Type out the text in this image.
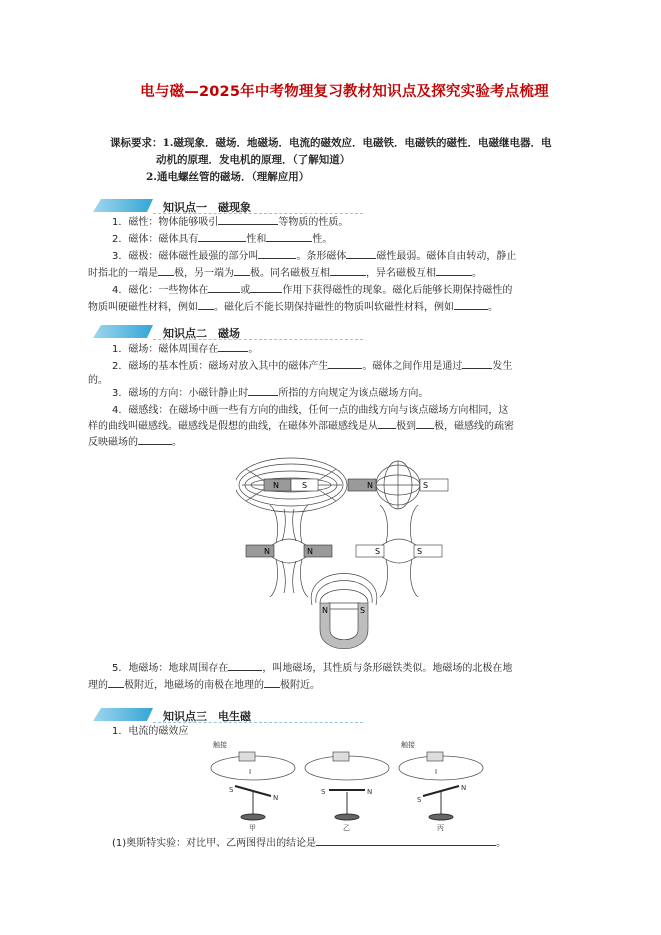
电与磁—2025年中考物理复习教材知识点及探究实验考点梳理
课标要求：1.磁现象．磁场．地磁场．电流的磁效应．电磁铁．电磁铁的磁性．电磁继电器．电
动机的原理．发电机的原理．（了解知道）
2.通电螺丝管的磁场．（理解应用）
知识点一　磁现象
1．磁性：物体能够吸引	等物质的性质。
2．磁体：磁体具有	性和	性。
3．磁极：磁体磁性最强的部分叫	。条形磁体	磁性最弱。磁体自由转动，静止
时指北的一端是 极，另一端为 极。同名磁极互相	，异名磁极互相	。
4．磁化：一些物体在	或	作用下获得磁性的现象。磁化后能够长期保持磁性的
物质叫硬磁性材料，例如 。磁化后不能长期保持磁性的物质叫软磁性材料，例如	。
知识点二　磁场
1．磁场：磁体周围存在	。
2．磁场的基本性质：磁场对放入其中的磁体产生	。磁体之间作用是通过	发生
的。
3．磁场的方向：小磁针静止时	所指的方向规定为该点磁场方向。
4．磁感线：在磁场中画一些有方向的曲线，任何一点的曲线方向与该点磁场方向相同，这
样的曲线叫磁感线。磁感线是假想的曲线，在磁体外部磁感线是从 极到 极，磁感线的疏密
反映磁场的	。
N	S	N	S
N	N	S	S
N	S
5．地磁场：地球周围存在	，叫地磁场，其性质与条形磁铁类似。地磁场的北极在地
理的 极附近，地磁场的南极在地理的 极附近。
知识点三　电生磁
1．电流的磁效应
触接	触接
I	I
S
N
S	N
S
N
甲	乙	丙
(1)奥斯特实验：对比甲、乙两图得出的结论是	。
